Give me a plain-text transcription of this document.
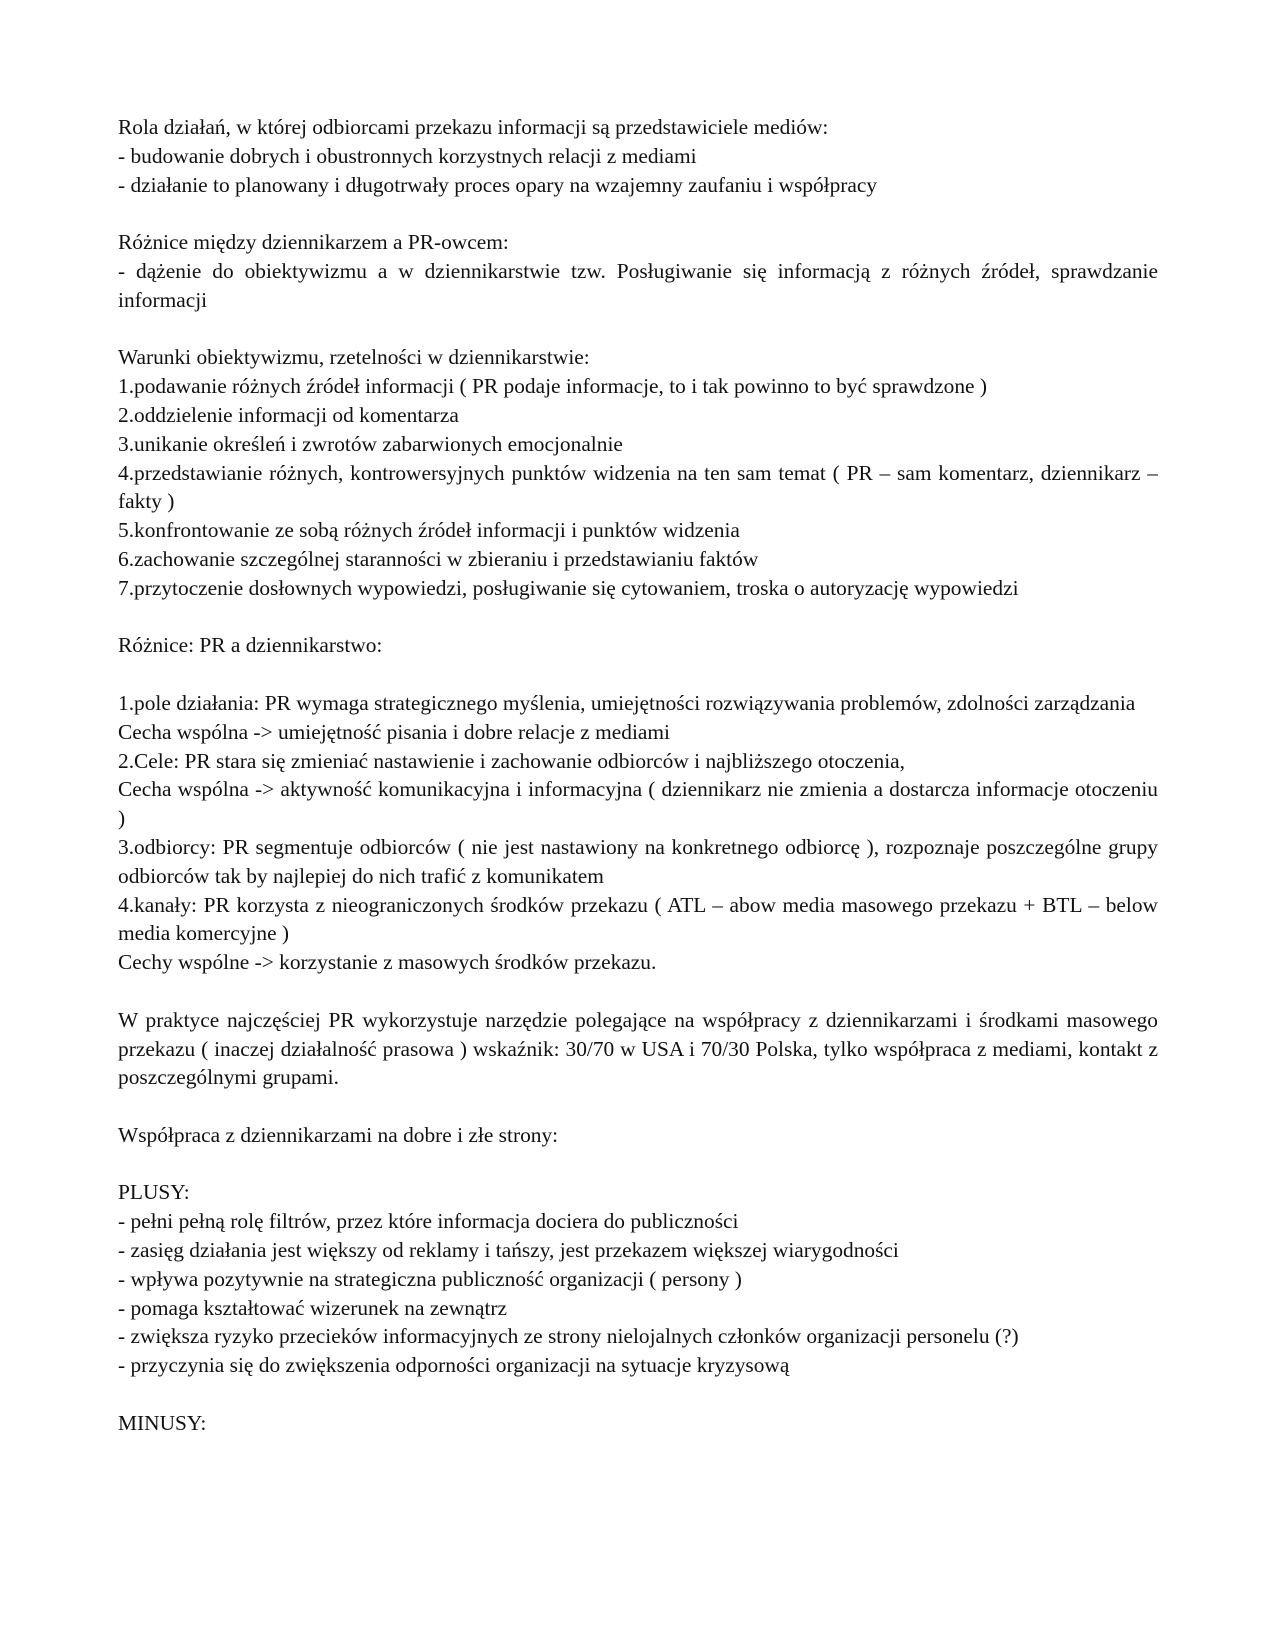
Rola działań, w której odbiorcami przekazu informacji są przedstawiciele mediów:

- budowanie dobrych i obustronnych korzystnych relacji z mediami

- działanie to planowany i długotrwały proces opary na wzajemny zaufaniu i współpracy

Różnice między dziennikarzem a PR-owcem:

- dążenie do obiektywizmu a w dziennikarstwie tzw. Posługiwanie się informacją z różnych źródeł, sprawdzanie informacji

Warunki obiektywizmu, rzetelności w dziennikarstwie:

1.podawanie różnych źródeł informacji ( PR podaje informacje, to i tak powinno to być sprawdzone )

2.oddzielenie informacji od komentarza

3.unikanie określeń i zwrotów zabarwionych emocjonalnie

4.przedstawianie różnych, kontrowersyjnych punktów widzenia na ten sam temat ( PR – sam komentarz, dziennikarz – fakty )

5.konfrontowanie ze sobą różnych źródeł informacji i punktów widzenia

6.zachowanie szczególnej staranności w zbieraniu i przedstawianiu faktów

7.przytoczenie dosłownych wypowiedzi, posługiwanie się cytowaniem, troska o autoryzację wypowiedzi

Różnice: PR a dziennikarstwo:

1.pole działania: PR wymaga strategicznego myślenia, umiejętności rozwiązywania problemów, zdolności zarządzania

Cecha wspólna -> umiejętność pisania i dobre relacje z mediami

2.Cele: PR stara się zmieniać nastawienie i zachowanie odbiorców i najbliższego otoczenia,

Cecha wspólna -> aktywność komunikacyjna i informacyjna ( dziennikarz nie zmienia a dostarcza informacje otoczeniu )

3.odbiorcy: PR segmentuje odbiorców ( nie jest nastawiony na konkretnego odbiorcę ), rozpoznaje poszczególne grupy odbiorców tak by najlepiej do nich trafić z komunikatem

4.kanały: PR korzysta z nieograniczonych środków przekazu ( ATL – abow media masowego przekazu + BTL – below media komercyjne )

Cechy wspólne -> korzystanie z masowych środków przekazu.

W praktyce najczęściej PR wykorzystuje narzędzie polegające na współpracy z dziennikarzami i środkami masowego przekazu ( inaczej działalność prasowa ) wskaźnik: 30/70 w USA i 70/30 Polska, tylko współpraca z mediami, kontakt z poszczególnymi grupami.

Współpraca z dziennikarzami na dobre i złe strony:

PLUSY:

- pełni pełną rolę filtrów, przez które informacja dociera do publiczności

- zasięg działania jest większy od reklamy i tańszy, jest przekazem większej wiarygodności

- wpływa pozytywnie na strategiczna publiczność organizacji ( persony )

- pomaga kształtować wizerunek na zewnątrz

- zwiększa ryzyko przecieków informacyjnych ze strony nielojalnych członków organizacji personelu (?)

- przyczynia się do zwiększenia odporności organizacji na sytuacje kryzysową

MINUSY:
